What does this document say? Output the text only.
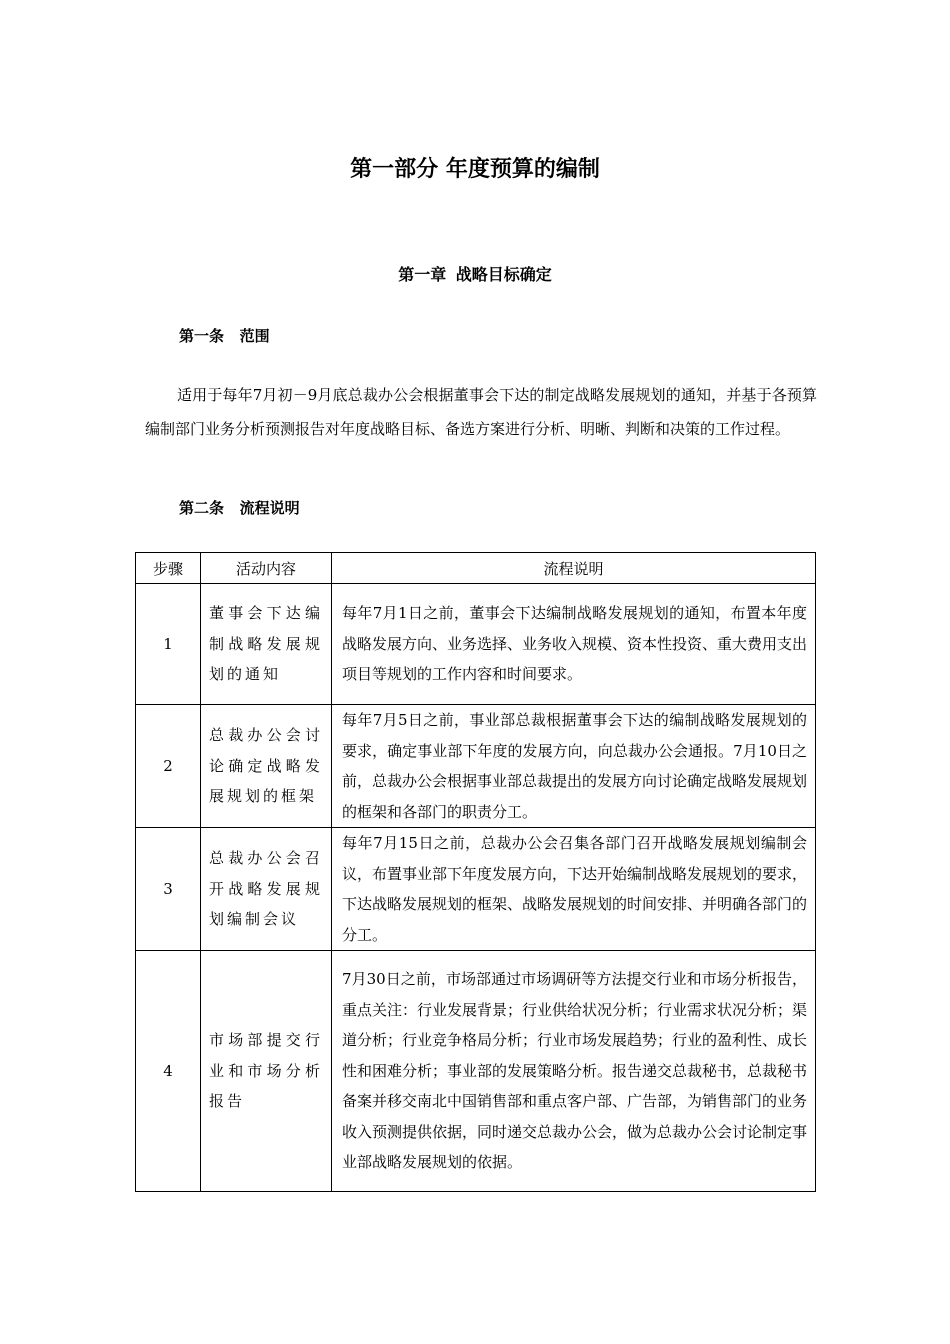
第一部分 年度预算的编制
第一章 战略目标确定
第一条   范围

适用于每年7月初－9月底总裁办公会根据董事会下达的制定战略发展规划的通知，并基于各预算编制部门业务分析预测报告对年度战略目标、备选方案进行分析、明晰、判断和决策的工作过程。

第二条   流程说明
步骤	活动内容	流程说明
1	董事会下达编制战略发展规划的通知	每年7月1日之前，董事会下达编制战略发展规划的通知，布置本年度战略发展方向、业务选择、业务收入规模、资本性投资、重大费用支出项目等规划的工作内容和时间要求。
2	总裁办公会讨论确定战略发展规划的框架	每年7月5日之前，事业部总裁根据董事会下达的编制战略发展规划的要求，确定事业部下年度的发展方向，向总裁办公会通报。7月10日之前，总裁办公会根据事业部总裁提出的发展方向讨论确定战略发展规划的框架和各部门的职责分工。
3	总裁办公会召开战略发展规划编制会议	每年7月15日之前，总裁办公会召集各部门召开战略发展规划编制会议，布置事业部下年度发展方向，下达开始编制战略发展规划的要求，下达战略发展规划的框架、战略发展规划的时间安排、并明确各部门的分工。
4	市场部提交行业和市场分析报告	7月30日之前，市场部通过市场调研等方法提交行业和市场分析报告，重点关注：行业发展背景；行业供给状况分析；行业需求状况分析；渠道分析；行业竞争格局分析；行业市场发展趋势；行业的盈利性、成长性和困难分析；事业部的发展策略分析。报告递交总裁秘书，总裁秘书备案并移交南北中国销售部和重点客户部、广告部，为销售部门的业务收入预测提供依据，同时递交总裁办公会，做为总裁办公会讨论制定事业部战略发展规划的依据。
